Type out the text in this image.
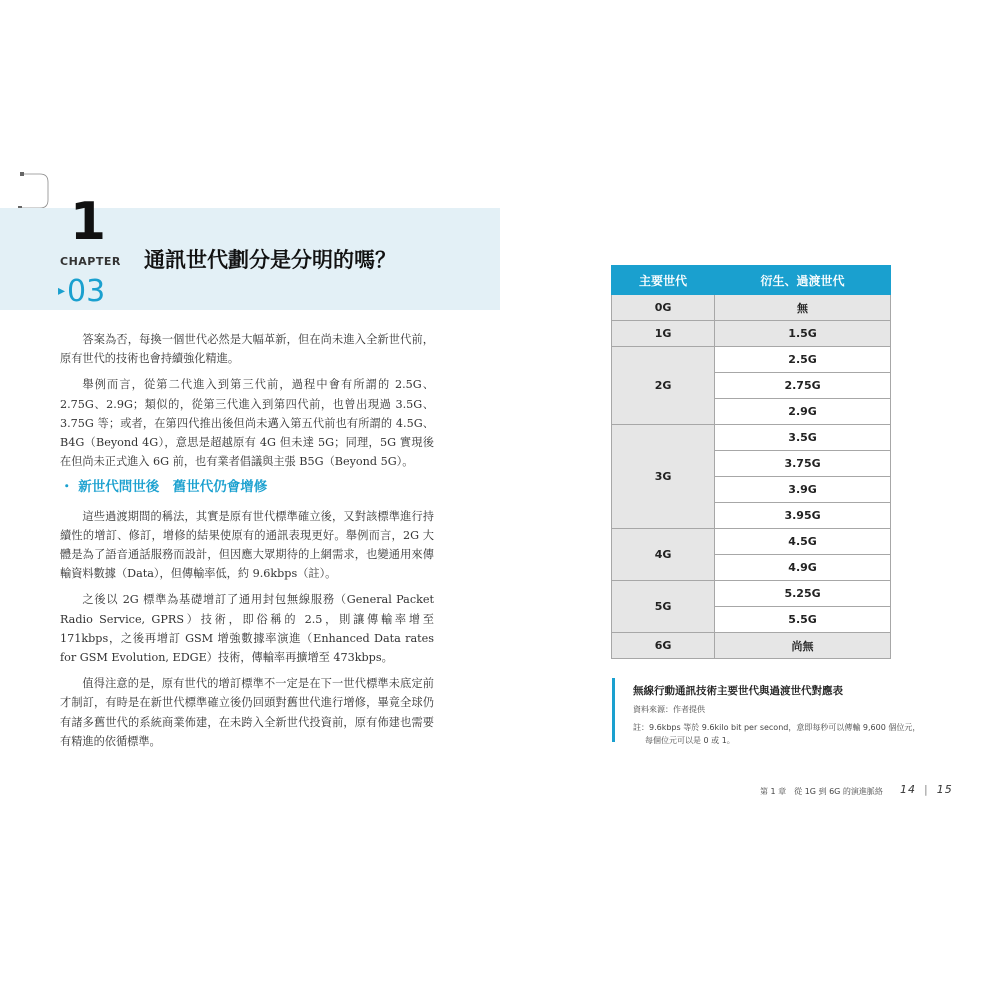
1
CHAPTER
▸03
通訊世代劃分是分明的嗎？

答案為否，每換一個世代必然是大幅革新，但在尚未進入全新世代前，原有世代的技術也會持續強化精進。

舉例而言，從第二代進入到第三代前，過程中會有所謂的 2.5G、2.75G、2.9G；類似的，從第三代進入到第四代前，也曾出現過 3.5G、3.75G 等；或者，在第四代推出後但尚未邁入第五代前也有所謂的 4.5G、B4G（Beyond 4G），意思是超越原有 4G 但未達 5G；同理，5G 實現後在但尚未正式進入 6G 前，也有業者倡議與主張 B5G（Beyond 5G）。

・ 新世代問世後　舊世代仍會增修

這些過渡期間的稱法，其實是原有世代標準確立後，又對該標準進行持續性的增訂、修訂，增修的結果使原有的通訊表現更好。舉例而言，2G 大體是為了語音通話服務而設計，但因應大眾期待的上網需求，也變通用來傳輸資料數據（Data），但傳輸率低，約 9.6kbps（註）。

之後以 2G 標準為基礎增訂了通用封包無線服務（General Packet Radio Service, GPRS）技術，即俗稱的 2.5，則讓傳輸率增至171kbps，之後再增訂 GSM 增強數據率演進（Enhanced Data rates for GSM Evolution, EDGE）技術，傳輸率再擴增至 473kbps。

值得注意的是，原有世代的增訂標準不一定是在下一世代標準未底定前才制訂，有時是在新世代標準確立後仍回頭對舊世代進行增修，畢竟全球仍有諸多舊世代的系統商業佈建，在未跨入全新世代投資前，原有佈建也需要有精進的依循標準。

主要世代	衍生、過渡世代
0G	無
1G	1.5G
2G	2.5G
	2.75G
	2.9G
3G	3.5G
	3.75G
	3.9G
	3.95G
4G	4.5G
	4.9G
5G	5.25G
	5.5G
6G	尚無
無線行動通訊技術主要世代與過渡世代對應表
資料來源：作者提供
註：9.6kbps 等於 9.6kilo bit per second，意即每秒可以傳輸 9,600 個位元，每個位元可以是 0 或 1。
第 1 章　從 1G 到 6G 的演進脈絡 14 | 15
